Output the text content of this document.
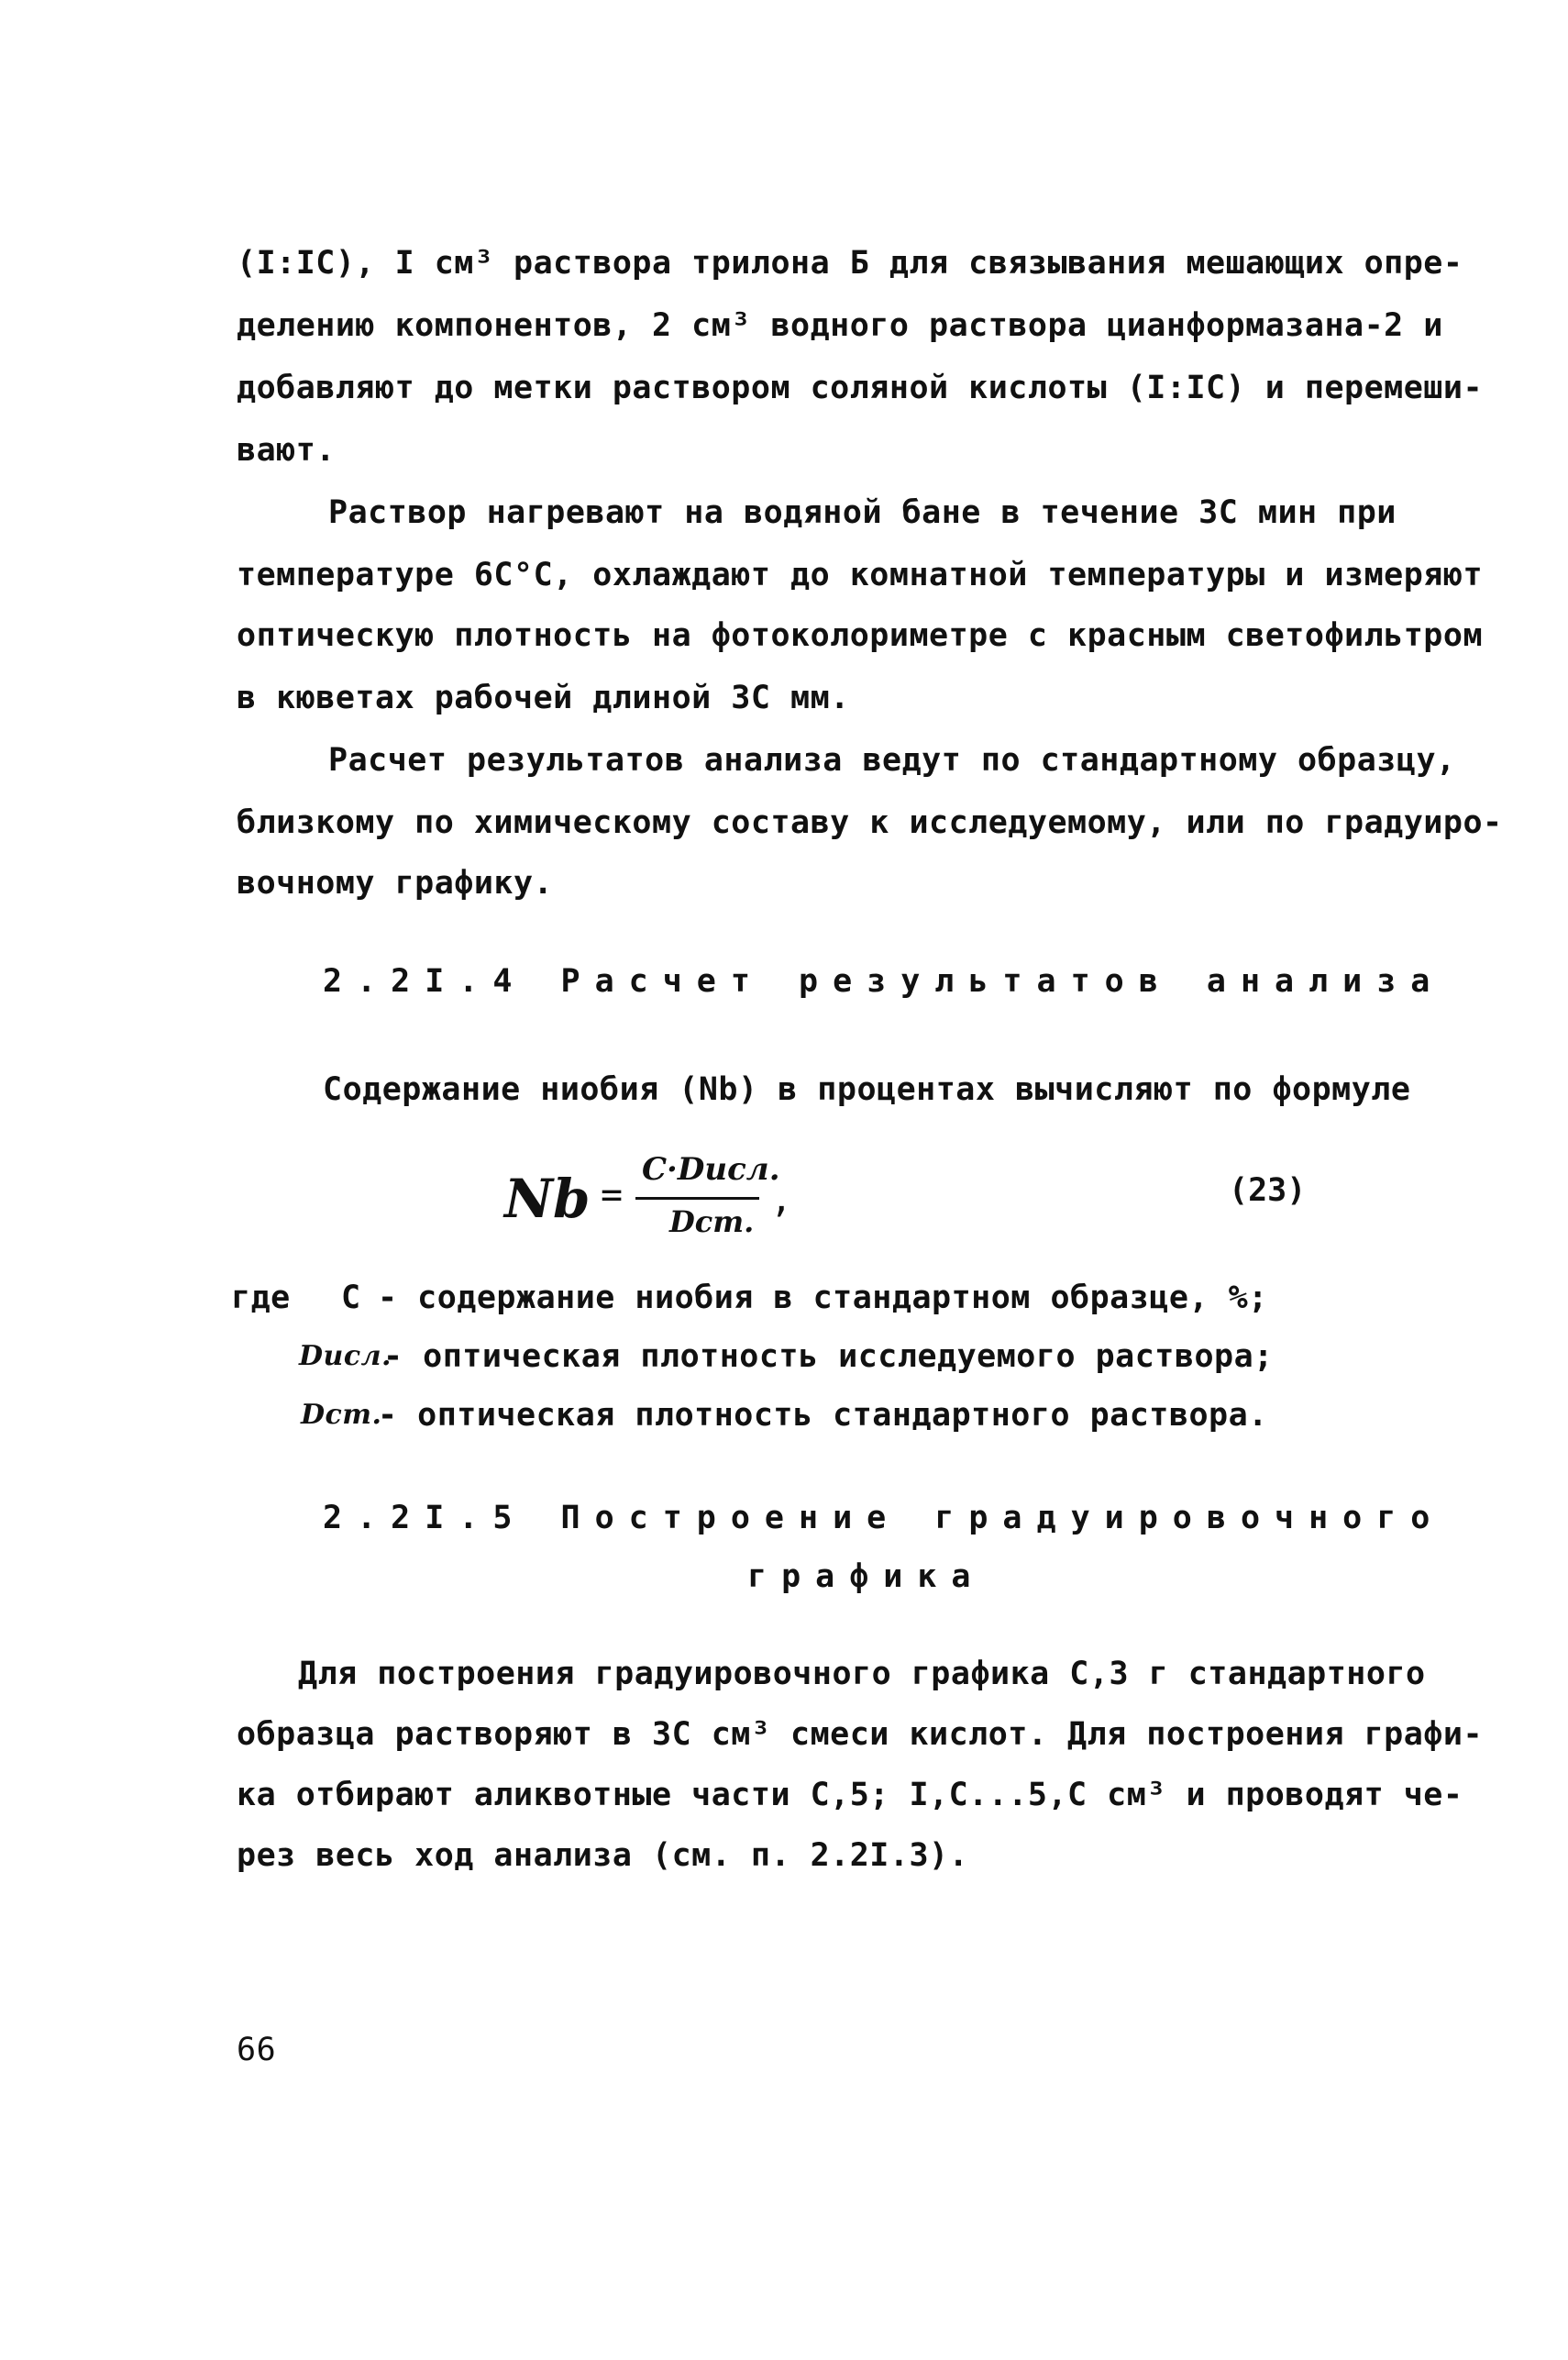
(I:IС), I см³ раствора трилона Б для связывания мешающих опре-
делению компонентов, 2 см³ водного раствора цианформазана-2 и
добавляют до метки раствором соляной кислоты (I:IС) и перемеши-
вают.
Раствор нагревают на водяной бане в течение 3С мин при
температуре 6С°С, охлаждают до комнатной температуры и измеряют
оптическую плотность на фотоколориметре с красным светофильтром
в кюветах рабочей длиной 3С мм.
Расчет результатов анализа ведут по стандартному образцу,
близкому по химическому составу к исследуемому, или по градуиро-
вочному графику.
2.2I.4 Расчет результатов анализа
Содержание ниобия (Nb) в процентах вычисляют по формуле
Nb =
C·Dисл.
Dст.
,	(23)
где С - содержание ниобия в стандартном образце, %;
Dисл.
- оптическая плотность исследуемого раствора;
Dст.
- оптическая плотность стандартного раствора.
2.2I.5 Построение градуировочного
графика
Для построения градуировочного графика С,3 г стандартного
образца растворяют в 3С см³ смеси кислот. Для построения графи-
ка отбирают аликвотные части С,5; I,С...5,С см³ и проводят че-
рез весь ход анализа (см. п. 2.2I.3).
66
